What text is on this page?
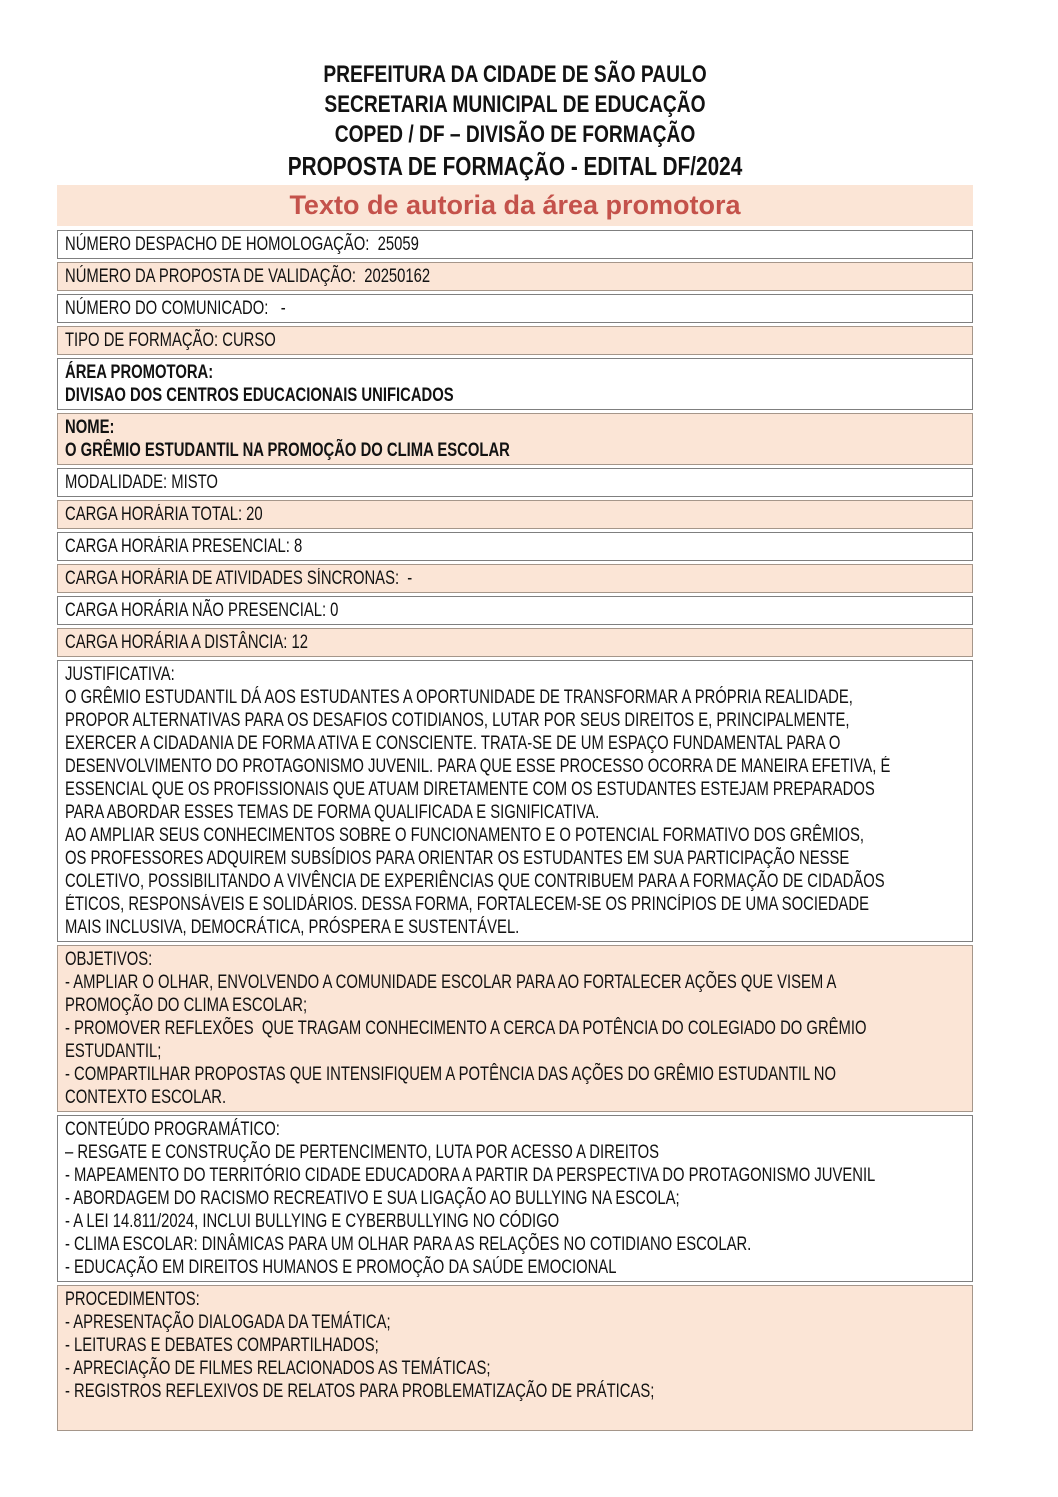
PREFEITURA DA CIDADE DE SÃO PAULO
SECRETARIA MUNICIPAL DE EDUCAÇÃO
COPED / DF – DIVISÃO DE FORMAÇÃO
PROPOSTA DE FORMAÇÃO - EDITAL DF/2024
Texto de autoria da área promotora
NÚMERO DESPACHO DE HOMOLOGAÇÃO:  25059
NÚMERO DA PROPOSTA DE VALIDAÇÃO:  20250162
NÚMERO DO COMUNICADO:   -
TIPO DE FORMAÇÃO: CURSO
ÁREA PROMOTORA:
DIVISAO DOS CENTROS EDUCACIONAIS UNIFICADOS
NOME:
O GRÊMIO ESTUDANTIL NA PROMOÇÃO DO CLIMA ESCOLAR
MODALIDADE: MISTO
CARGA HORÁRIA TOTAL: 20
CARGA HORÁRIA PRESENCIAL: 8
CARGA HORÁRIA DE ATIVIDADES SÍNCRONAS:  -
CARGA HORÁRIA NÃO PRESENCIAL: 0
CARGA HORÁRIA A DISTÂNCIA: 12
JUSTIFICATIVA:
O GRÊMIO ESTUDANTIL DÁ AOS ESTUDANTES A OPORTUNIDADE DE TRANSFORMAR A PRÓPRIA REALIDADE,
PROPOR ALTERNATIVAS PARA OS DESAFIOS COTIDIANOS, LUTAR POR SEUS DIREITOS E, PRINCIPALMENTE,
EXERCER A CIDADANIA DE FORMA ATIVA E CONSCIENTE. TRATA-SE DE UM ESPAÇO FUNDAMENTAL PARA O
DESENVOLVIMENTO DO PROTAGONISMO JUVENIL. PARA QUE ESSE PROCESSO OCORRA DE MANEIRA EFETIVA, É
ESSENCIAL QUE OS PROFISSIONAIS QUE ATUAM DIRETAMENTE COM OS ESTUDANTES ESTEJAM PREPARADOS
PARA ABORDAR ESSES TEMAS DE FORMA QUALIFICADA E SIGNIFICATIVA.
AO AMPLIAR SEUS CONHECIMENTOS SOBRE O FUNCIONAMENTO E O POTENCIAL FORMATIVO DOS GRÊMIOS,
OS PROFESSORES ADQUIREM SUBSÍDIOS PARA ORIENTAR OS ESTUDANTES EM SUA PARTICIPAÇÃO NESSE
COLETIVO, POSSIBILITANDO A VIVÊNCIA DE EXPERIÊNCIAS QUE CONTRIBUEM PARA A FORMAÇÃO DE CIDADÃOS
ÉTICOS, RESPONSÁVEIS E SOLIDÁRIOS. DESSA FORMA, FORTALECEM-SE OS PRINCÍPIOS DE UMA SOCIEDADE
MAIS INCLUSIVA, DEMOCRÁTICA, PRÓSPERA E SUSTENTÁVEL.
OBJETIVOS:
- AMPLIAR O OLHAR, ENVOLVENDO A COMUNIDADE ESCOLAR PARA AO FORTALECER AÇÕES QUE VISEM A
PROMOÇÃO DO CLIMA ESCOLAR;
- PROMOVER REFLEXÕES  QUE TRAGAM CONHECIMENTO A CERCA DA POTÊNCIA DO COLEGIADO DO GRÊMIO
ESTUDANTIL;
- COMPARTILHAR PROPOSTAS QUE INTENSIFIQUEM A POTÊNCIA DAS AÇÕES DO GRÊMIO ESTUDANTIL NO
CONTEXTO ESCOLAR.
CONTEÚDO PROGRAMÁTICO:
– RESGATE E CONSTRUÇÃO DE PERTENCIMENTO, LUTA POR ACESSO A DIREITOS
- MAPEAMENTO DO TERRITÓRIO CIDADE EDUCADORA A PARTIR DA PERSPECTIVA DO PROTAGONISMO JUVENIL
- ABORDAGEM DO RACISMO RECREATIVO E SUA LIGAÇÃO AO BULLYING NA ESCOLA;
- A LEI 14.811/2024, INCLUI BULLYING E CYBERBULLYING NO CÓDIGO
- CLIMA ESCOLAR: DINÂMICAS PARA UM OLHAR PARA AS RELAÇÕES NO COTIDIANO ESCOLAR.
- EDUCAÇÃO EM DIREITOS HUMANOS E PROMOÇÃO DA SAÚDE EMOCIONAL
PROCEDIMENTOS:
- APRESENTAÇÃO DIALOGADA DA TEMÁTICA;
- LEITURAS E DEBATES COMPARTILHADOS;
- APRECIAÇÃO DE FILMES RELACIONADOS AS TEMÁTICAS;
- REGISTROS REFLEXIVOS DE RELATOS PARA PROBLEMATIZAÇÃO DE PRÁTICAS;
